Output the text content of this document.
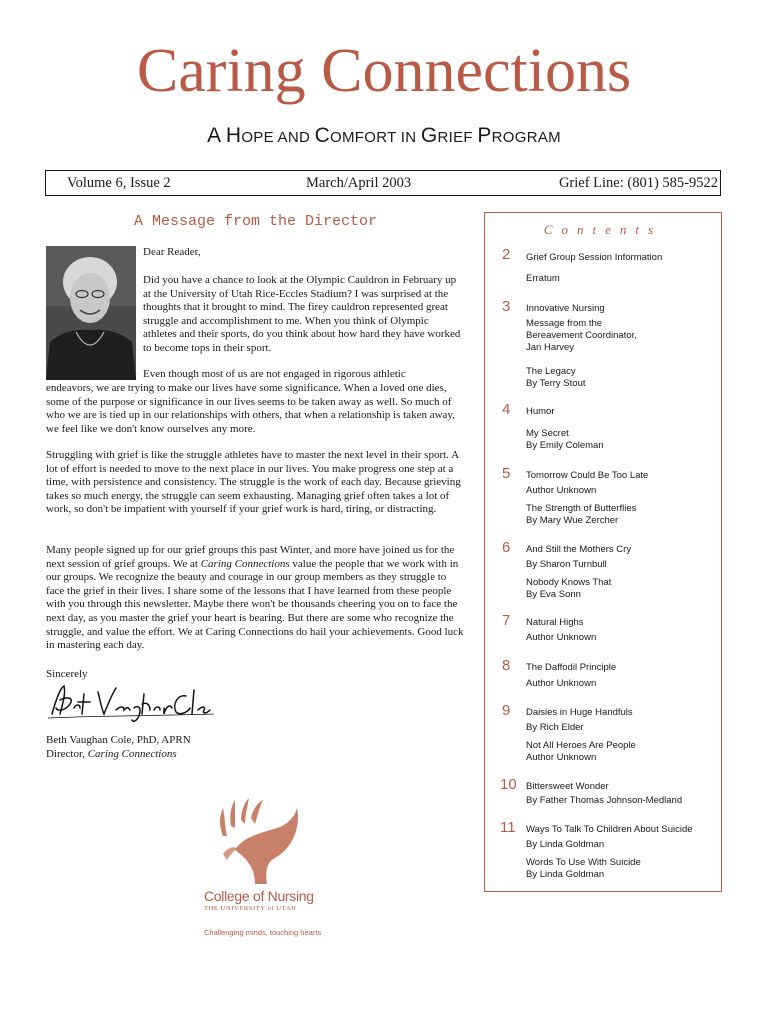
Caring Connections
A HOPE AND COMFORT IN GRIEF PROGRAM
Volume 6, Issue 2	March/April 2003	Grief Line: (801) 585-9522
A Message from the Director

Dear Reader,

Did you have a chance to look at the Olympic Cauldron in February up at the University of Utah Rice-Eccles Stadium? I was surprised at the thoughts that it brought to mind. The firey cauldron represented great struggle and accomplishment to me. When you think of Olympic athletes and their sports, do you think about how hard they have worked to become tops in their sport.

Even though most of us are not engaged in rigorous athletic

endeavors, we are trying to make our lives have some significance. When a loved one dies, some of the purpose or significance in our lives seems to be taken away as well. So much of who we are is tied up in our relationships with others, that when a relationship is taken away, we feel like we don't know ourselves any more.

Struggling with grief is like the struggle athletes have to master the next level in their sport. A lot of effort is needed to move to the next place in our lives. You make progress one step at a time, with persistence and consistency. The struggle is the work of each day. Because grieving takes so much energy, the struggle can seem exhausting. Managing grief often takes a lot of work, so don't be impatient with yourself if your grief work is hard, tiring, or distracting.

Many people signed up for our grief groups this past Winter, and more have joined us for the next session of grief groups. We at Caring Connections value the people that we work with in our groups. We recognize the beauty and courage in our group members as they struggle to face the grief in their lives. I share some of the lessons that I have learned from these people with you through this newsletter. Maybe there won't be thousands cheering you on to face the next day, as you master the grief your heart is bearing. But there are some who recognize the struggle, and value the effort. We at Caring Connections do hail your achievements. Good luck in mastering each day.

Sincerely

Beth Vaughan Cole, PhD, APRN
Director, Caring Connections

College of Nursing
THE UNIVERSITY of UTAH
Challenging minds, touching hearts
Contents
2	Grief Group Session Information
Erratum
3	Innovative Nursing
Message from the
Bereavement Coordinator,
Jan Harvey
The Legacy
By Terry Stout
4	Humor
My Secret
By Emily Coleman
5	Tomorrow Could Be Too Late
Author Unknown
The Strength of Butterflies
By Mary Wue Zercher
6	And Still the Mothers Cry
By Sharon Turnbull
Nobody Knows That
By Eva Sonn
7	Natural Highs
Author Unknown
8	The Daffodil Principle
Author Unknown
9	Daisies in Huge Handfuls
By Rich Elder
Not All Heroes Are People
Author Unknown
10 Bittersweet Wonder
By Father Thomas Johnson-Medland
11	Ways To Talk To Children About Suicide
By Linda Goldman
Words To Use With Suicide
By Linda Goldman
